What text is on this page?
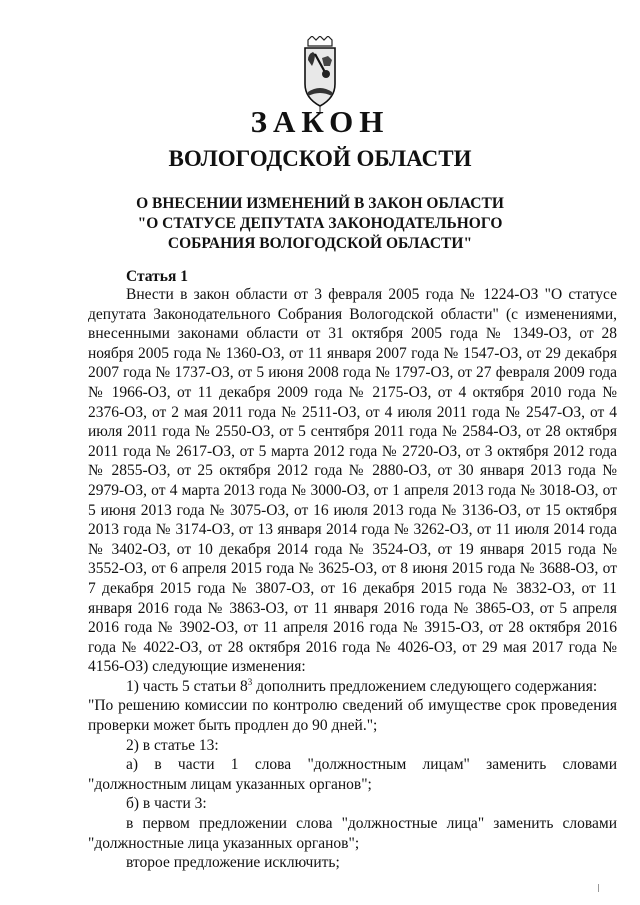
ЗАКОН
ВОЛОГОДСКОЙ ОБЛАСТИ
О ВНЕСЕНИИ ИЗМЕНЕНИЙ В ЗАКОН ОБЛАСТИ
"О СТАТУСЕ ДЕПУТАТА ЗАКОНОДАТЕЛЬНОГО
СОБРАНИЯ ВОЛОГОДСКОЙ ОБЛАСТИ"
Статья 1

Внести в закон области от 3 февраля 2005 года № 1224-ОЗ "О статусе депутата Законодательного Собрания Вологодской области" (с изменениями, внесенными законами области от 31 октября 2005 года № 1349-ОЗ, от 28 ноября 2005 года № 1360-ОЗ, от 11 января 2007 года № 1547-ОЗ, от 29 декабря 2007 года № 1737-ОЗ, от 5 июня 2008 года № 1797-ОЗ, от 27 февраля 2009 года № 1966-ОЗ, от 11 декабря 2009 года № 2175-ОЗ, от 4 октября 2010 года № 2376-ОЗ, от 2 мая 2011 года № 2511-ОЗ, от 4 июля 2011 года № 2547-ОЗ, от 4 июля 2011 года № 2550-ОЗ, от 5 сентября 2011 года № 2584-ОЗ, от 28 октября 2011 года № 2617-ОЗ, от 5 марта 2012 года № 2720-ОЗ, от 3 октября 2012 года № 2855-ОЗ, от 25 октября 2012 года № 2880-ОЗ, от 30 января 2013 года № 2979-ОЗ, от 4 марта 2013 года № 3000-ОЗ, от 1 апреля 2013 года № 3018-ОЗ, от 5 июня 2013 года № 3075-ОЗ, от 16 июля 2013 года № 3136-ОЗ, от 15 октября 2013 года № 3174-ОЗ, от 13 января 2014 года № 3262-ОЗ, от 11 июля 2014 года № 3402-ОЗ, от 10 декабря 2014 года № 3524-ОЗ, от 19 января 2015 года № 3552-ОЗ, от 6 апреля 2015 года № 3625-ОЗ, от 8 июня 2015 года № 3688-ОЗ, от 7 декабря 2015 года № 3807-ОЗ, от 16 декабря 2015 года № 3832-ОЗ, от 11 января 2016 года № 3863-ОЗ, от 11 января 2016 года № 3865-ОЗ, от 5 апреля 2016 года № 3902-ОЗ, от 11 апреля 2016 года № 3915-ОЗ, от 28 октября 2016 года № 4022-ОЗ, от 28 октября 2016 года № 4026-ОЗ, от 29 мая 2017 года № 4156-ОЗ) следующие изменения:

1) часть 5 статьи $8^3$ дополнить предложением следующего содержания:

"По решению комиссии по контролю сведений об имуществе срок проведения проверки может быть продлен до 90 дней.";

2) в статье 13:

а) в части 1 слова "должностным лицам" заменить словами "должностным лицам указанных органов";

б) в части 3:

в первом предложении слова "должностные лица" заменить словами "должностные лица указанных органов";

второе предложение исключить;
